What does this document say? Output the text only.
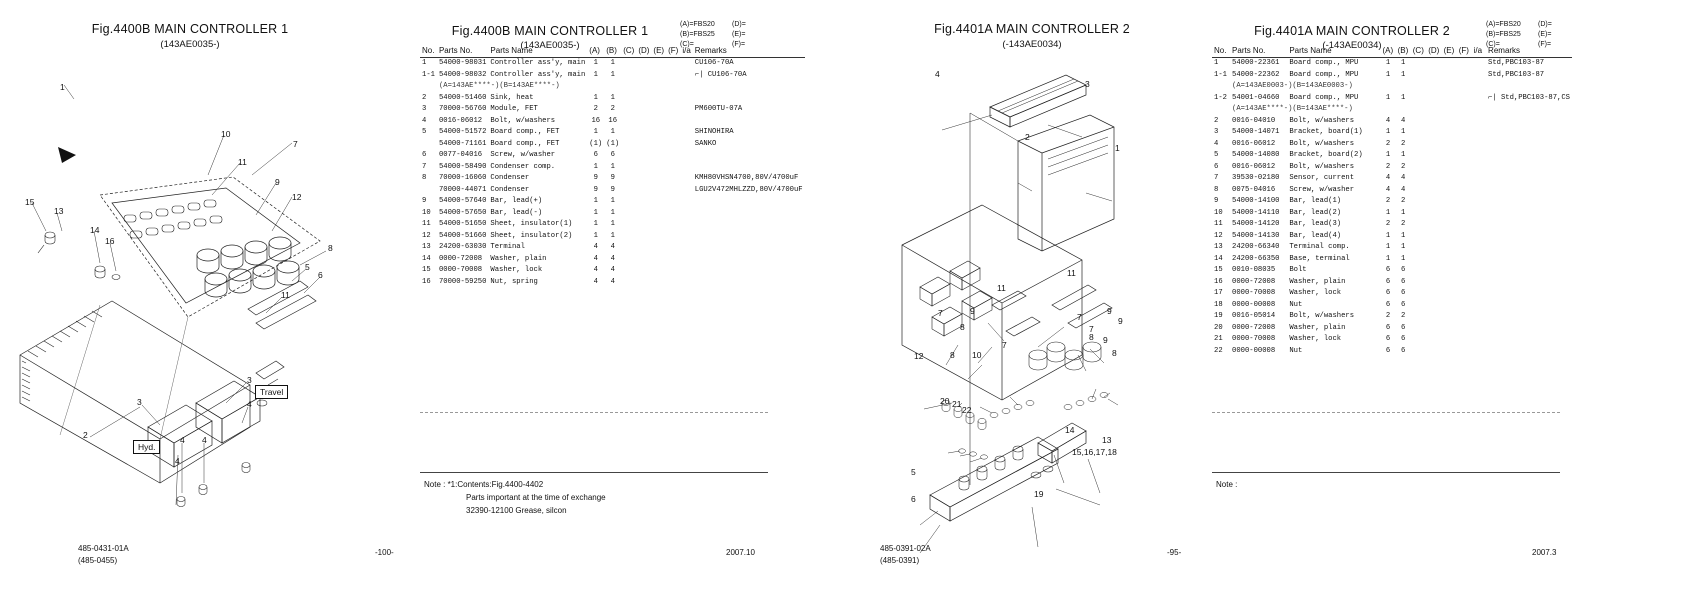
Fig.4400B MAIN CONTROLLER 1
(143AE0035-)
1
7
10
11
9
12
15
13
14
16
8
5
6
11
3
3	4
2	4 4
4
Travel
Hyd.
Fig.4400B MAIN CONTROLLER 1
(143AE0035-)
(A)=FBS20	(D)=
(B)=FBS25	(E)=
(C)=	(F)=
No.	Parts No.	Parts Name	(A)	(B)	(C)	(D)	(E)	(F)	i/a	Remarks
1	54000-98031	Controller ass'y, main	1	1						CU106-70A
1-1	54000-98032	Controller ass'y, main	1	1						⌐| CU106-70A
	(A=143AE****-)(B=143AE****-)									
2	54000-51460	Sink, heat	1	1						
3	70000-56760	Module, FET	2	2						PM600TU-07A
4	0016-06012	Bolt, w/washers	16	16						
5	54000-51572	Board comp., FET	1	1						SHINOHIRA
	54000-71161	Board comp., FET	(1)	(1)						SANKO
6	0077-04016	Screw, w/washer	6	6						
7	54000-58490	Condenser comp.	1	1						
8	70000-16060	Condenser	9	9						KMH80VHSN4700,80V/4700uF
	70000-44071	Condenser	9	9						LGU2V472MHLZZD,80V/4700uF
9	54000-57640	Bar, lead(+)	1	1						
10	54000-57650	Bar, lead(-)	1	1						
11	54000-51650	Sheet, insulator(1)	1	1						
12	54000-51660	Sheet, insulator(2)	1	1						
13	24200-63030	Terminal	4	4						
14	0000-72008	Washer, plain	4	4						
15	0000-70008	Washer, lock	4	4						
16	70000-59250	Nut, spring	4	4						
Note : *1:Contents:Fig.4400-4402
Parts important at the time of exchange
32390-12100 Grease, silcon
485-0431-01A
(485-0455)
-100-	2007.10
Fig.4401A MAIN CONTROLLER 2
(-143AE0034)
4
3
2
1
11
11
9	9
7	7	9
8	7
12	10
8
7
8 9
8
20 21
22
14
13
15,16,17,18
5
6	19
Fig.4401A MAIN CONTROLLER 2
(-143AE0034)
(A)=FBS20	(D)=
(B)=FBS25	(E)=
(C)=	(F)=
No.	Parts No.	Parts Name	(A)	(B)	(C)	(D)	(E)	(F)	i/a	Remarks
1	54000-22361	Board comp., MPU	1	1						Std,PBC103-87
1-1	54000-22362	Board comp., MPU	1	1						Std,PBC103-87
	(A=143AE0003-)(B=143AE0003-)									
1-2	54001-04660	Board comp., MPU	1	1						⌐| Std,PBC103-87,CS
	(A=143AE****-)(B=143AE****-)									
2	0016-04010	Bolt, w/washers	4	4						
3	54000-14071	Bracket, board(1)	1	1						
4	0016-06012	Bolt, w/washers	2	2						
5	54000-14080	Bracket, board(2)	1	1						
6	0016-06012	Bolt, w/washers	2	2						
7	39530-02180	Sensor, current	4	4						
8	0075-04016	Screw, w/washer	4	4						
9	54000-14100	Bar, lead(1)	2	2						
10	54000-14110	Bar, lead(2)	1	1						
11	54000-14120	Bar, lead(3)	2	2						
12	54000-14130	Bar, lead(4)	1	1						
13	24200-66340	Terminal comp.	1	1						
14	24200-66350	Base, terminal	1	1						
15	0010-08035	Bolt	6	6						
16	0000-72008	Washer, plain	6	6						
17	0000-70008	Washer, lock	6	6						
18	0000-00008	Nut	6	6						
19	0016-05014	Bolt, w/washers	2	2						
20	0000-72008	Washer, plain	6	6						
21	0000-70008	Washer, lock	6	6						
22	0000-00008	Nut	6	6						
Note :
485-0391-02A
(485-0391)
-95-	2007.3
